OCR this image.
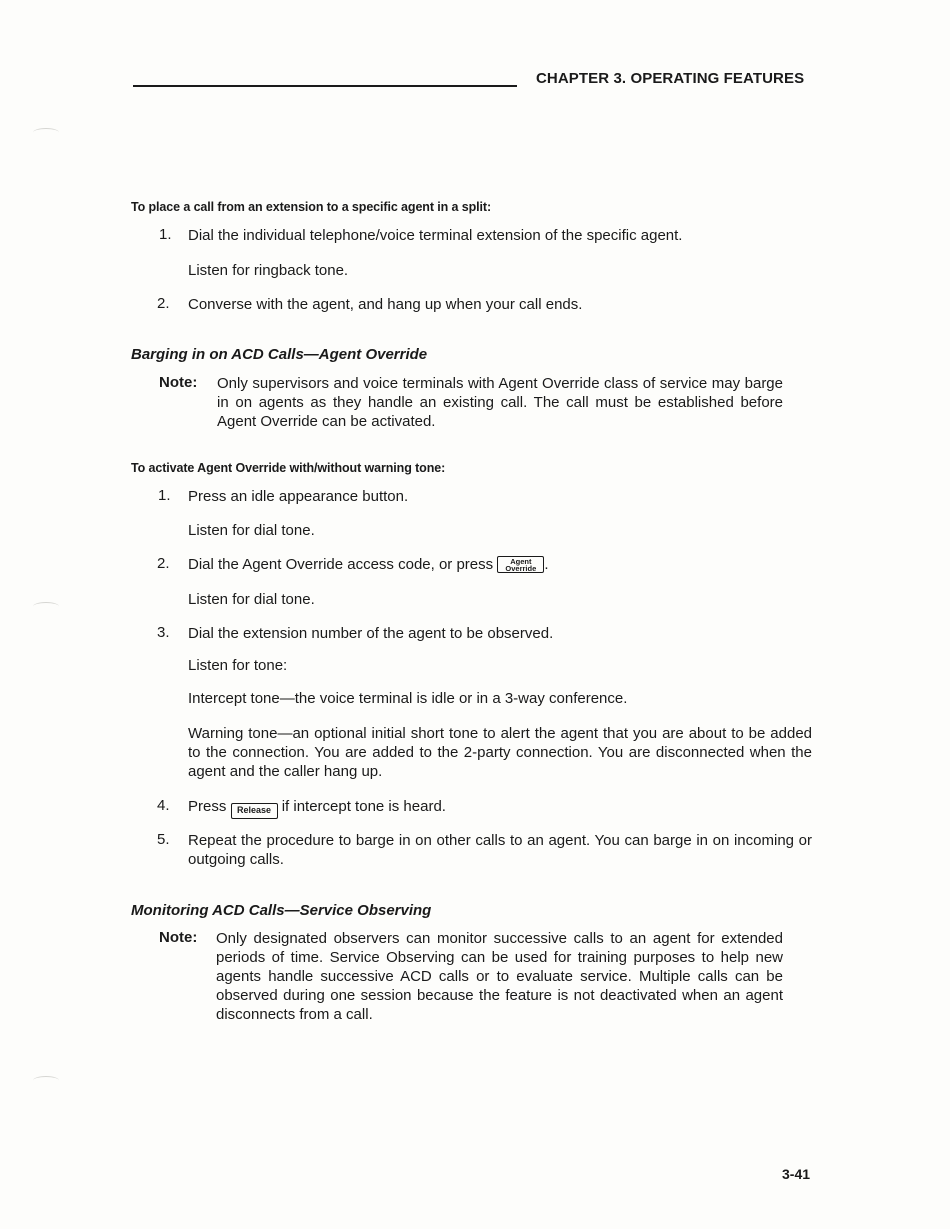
CHAPTER 3. OPERATING FEATURES
To place a call from an extension to a specific agent in a split:
1. Dial the individual telephone/voice terminal extension of the specific agent.
Listen for ringback tone.
2. Converse with the agent, and hang up when your call ends.
Barging in on ACD Calls—Agent Override
Note: Only supervisors and voice terminals with Agent Override class of service may barge in on agents as they handle an existing call. The call must be established before Agent Override can be activated.
To activate Agent Override with/without warning tone:
1. Press an idle appearance button.
Listen for dial tone.
2. Dial the Agent Override access code, or press	Agent
Override .
Listen for dial tone.
3. Dial the extension number of the agent to be observed.
Listen for tone:
Intercept tone—the voice terminal is idle or in a 3-way conference.
Warning tone—an optional initial short tone to alert the agent that you are about to be added to the connection. You are added to the 2-party connection. You are disconnected when the agent and the caller hang up.
4. Press Release if intercept tone is heard.
5. Repeat the procedure to barge in on other calls to an agent. You can barge in on incoming or outgoing calls.
Monitoring ACD Calls—Service Observing
Note: Only designated observers can monitor successive calls to an agent for extended periods of time. Service Observing can be used for training purposes to help new agents handle successive ACD calls or to evaluate service. Multiple calls can be observed during one session because the feature is not deactivated when an agent disconnects from a call.
3-41
